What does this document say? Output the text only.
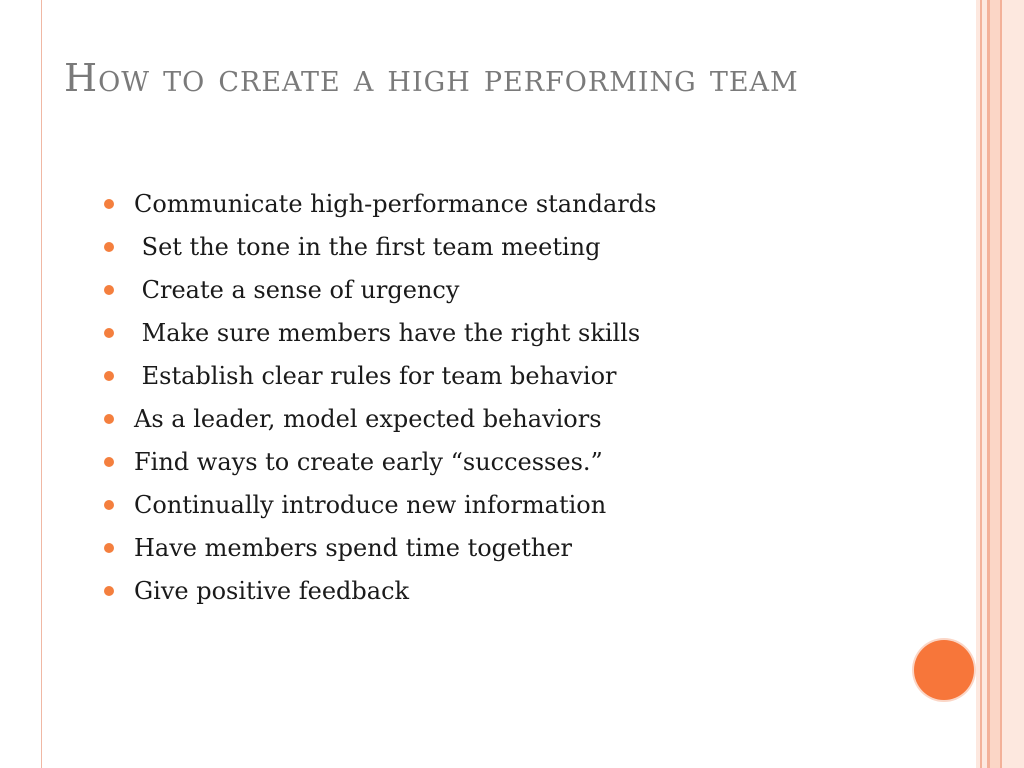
How to create a high performing team
Communicate high-performance standards
Set the tone in the first team meeting
Create a sense of urgency
Make sure members have the right skills
Establish clear rules for team behavior
As a leader, model expected behaviors
Find ways to create early “successes.”
Continually introduce new information
Have members spend time together
Give positive feedback
